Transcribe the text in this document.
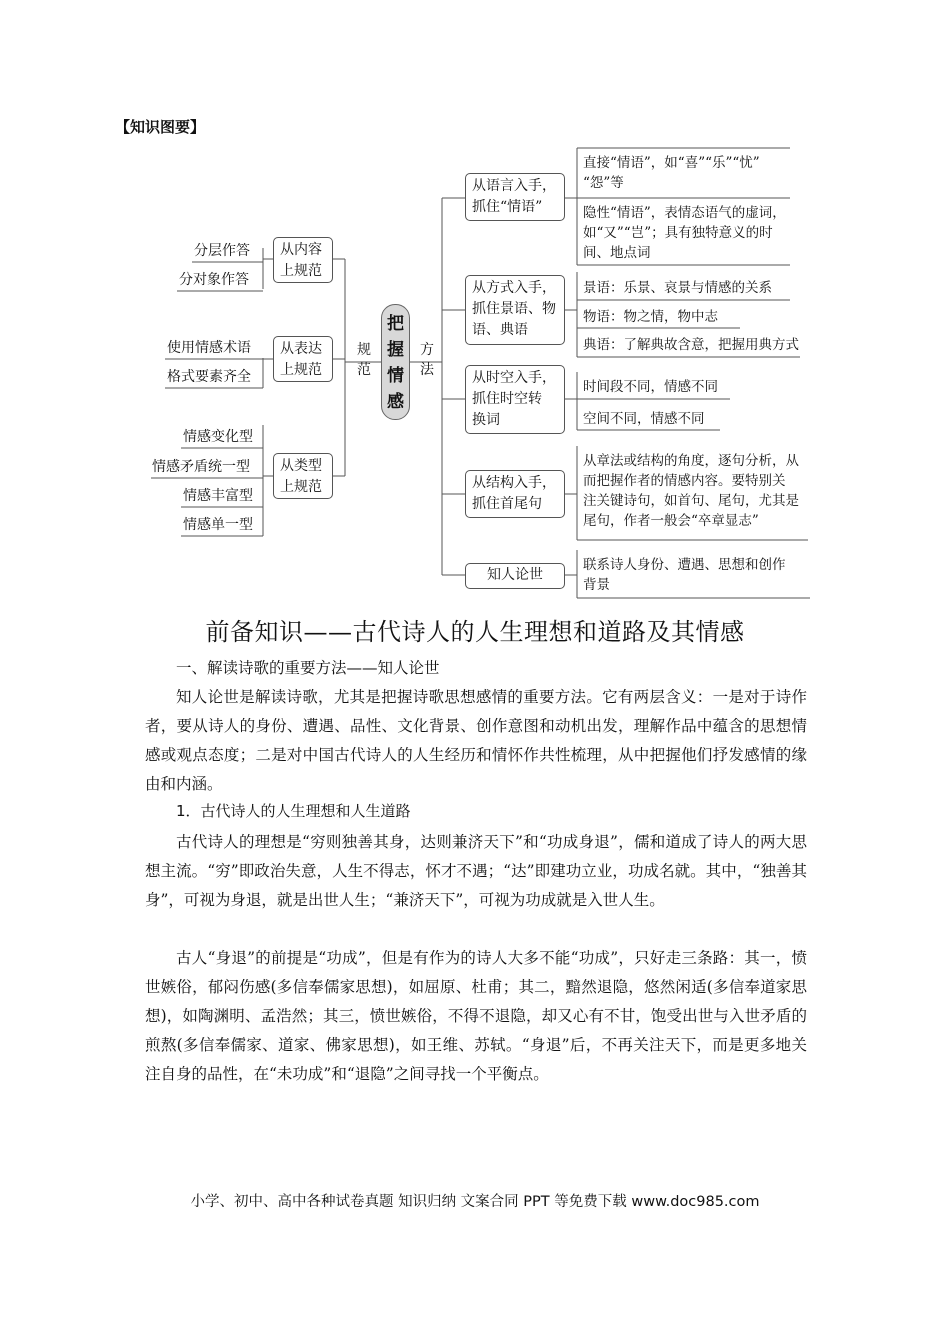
【知识图要】
把
握
情
感
规
范
方
法
从内容
上规范
从表达
上规范
从类型
上规范
分层作答
分对象作答
使用情感术语
格式要素齐全
情感变化型
情感矛盾统一型
情感丰富型
情感单一型
从语言入手，
抓住“情语”
从方式入手，
抓住景语、物
语、典语
从时空入手，
抓住时空转
换词
从结构入手，
抓住首尾句
知人论世
直接“情语”，如“喜”“乐”“忧”
“怨”等
隐性“情语”，表情态语气的虚词，
如“又”“岂”；具有独特意义的时
间、地点词
景语：乐景、哀景与情感的关系
物语：物之情，物中志
典语：了解典故含意，把握用典方式
时间段不同，情感不同
空间不同，情感不同
从章法或结构的角度，逐句分析，从
而把握作者的情感内容。要特别关
注关键诗句，如首句、尾句，尤其是
尾句，作者一般会“卒章显志”
联系诗人身份、遭遇、思想和创作
背景
前备知识——古代诗人的人生理想和道路及其情感
一、解读诗歌的重要方法——知人论世
知人论世是解读诗歌，尤其是把握诗歌思想感情的重要方法。它有两层含义：一是对于诗作者，要从诗人的身份、遭遇、品性、文化背景、创作意图和动机出发，理解作品中蕴含的思想情感或观点态度；二是对中国古代诗人的人生经历和情怀作共性梳理，从中把握他们抒发感情的缘由和内涵。
1．古代诗人的人生理想和人生道路
古代诗人的理想是“穷则独善其身，达则兼济天下”和“功成身退”，儒和道成了诗人的两大思想主流。“穷”即政治失意，人生不得志，怀才不遇；“达”即建功立业，功成名就。其中，“独善其身”，可视为身退，就是出世人生；“兼济天下”，可视为功成就是入世人生。
古人“身退”的前提是“功成”，但是有作为的诗人大多不能“功成”，只好走三条路：其一，愤世嫉俗，郁闷伤感(多信奉儒家思想)，如屈原、杜甫；其二，黯然退隐，悠然闲适(多信奉道家思想)，如陶渊明、孟浩然；其三，愤世嫉俗，不得不退隐，却又心有不甘，饱受出世与入世矛盾的煎熬(多信奉儒家、道家、佛家思想)，如王维、苏轼。“身退”后，不再关注天下，而是更多地关注自身的品性，在“未功成”和“退隐”之间寻找一个平衡点。
小学、初中、高中各种试卷真题 知识归纳 文案合同 PPT 等免费下载 www.doc985.com
